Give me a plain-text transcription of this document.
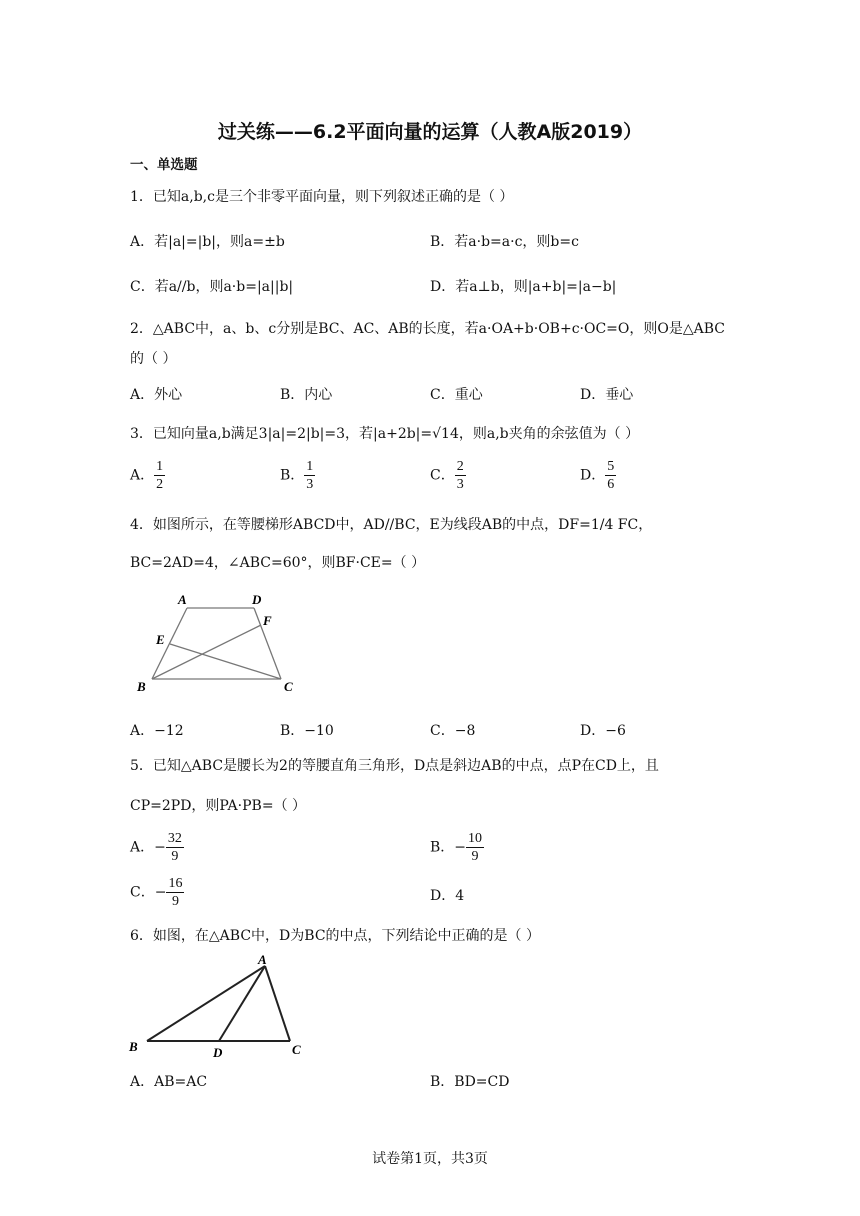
过关练——6.2平面向量的运算（人教A版2019）
一、单选题
1．已知a,b,c是三个非零平面向量，则下列叙述正确的是（ ）
A．若|a|=|b|，则a=±b	B．若a·b=a·c，则b=c
C．若a//b，则a·b=|a||b|	D．若a⊥b，则|a+b|=|a−b|
2．△ABC中，a、b、c分别是BC、AC、AB的长度，若a·OA+b·OB+c·OC=O，则O是△ABC
的（ ）
A．外心	B．内心	C．重心	D．垂心
3．已知向量a,b满足3|a|=2|b|=3，若|a+2b|=√14，则a,b夹角的余弦值为（ ）
A． $\frac{1}{2}$	B． $\frac{1}{3}$	C． $\frac{2}{3}$	D． $\frac{5}{6}$
4．如图所示，在等腰梯形ABCD中，AD//BC，E为线段AB的中点，DF=1/4 FC，
BC=2AD=4，∠ABC=60°，则BF·CE=（ ）
A	D
E
F
B	C
A．−12	B．−10	C．−8	D．−6
5．已知△ABC是腰长为2的等腰直角三角形，D点是斜边AB的中点，点P在CD上，且
CP=2PD，则PA·PB=（ ）
A．− $\frac{32}{9}$	B．− $\frac{10}{9}$
C．− $\frac{16}{9}$	D．4
6．如图，在△ABC中，D为BC的中点，下列结论中正确的是（ ）
A
B	D	C
A．AB=AC	B．BD=CD
试卷第1页，共3页
